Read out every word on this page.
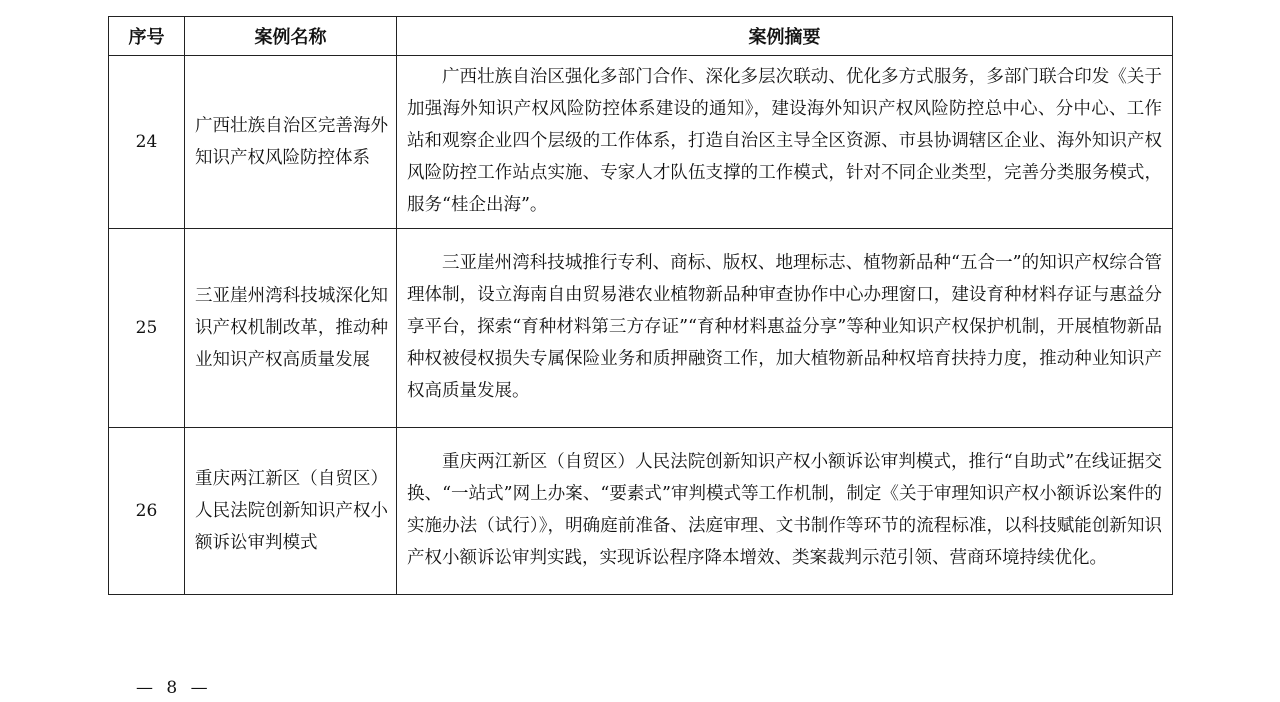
序号	案例名称	案例摘要
24	广西壮族自治区完善海外知识产权风险防控体系	广西壮族自治区强化多部门合作、深化多层次联动、优化多方式服务，多部门联合印发《关于加强海外知识产权风险防控体系建设的通知》，建设海外知识产权风险防控总中心、分中心、工作站和观察企业四个层级的工作体系，打造自治区主导全区资源、市县协调辖区企业、海外知识产权风险防控工作站点实施、专家人才队伍支撑的工作模式，针对不同企业类型，完善分类服务模式，服务“桂企出海”。
25	三亚崖州湾科技城深化知识产权机制改革，推动种业知识产权高质量发展	三亚崖州湾科技城推行专利、商标、版权、地理标志、植物新品种“五合一”的知识产权综合管理体制，设立海南自由贸易港农业植物新品种审查协作中心办理窗口，建设育种材料存证与惠益分享平台，探索“育种材料第三方存证”“育种材料惠益分享”等种业知识产权保护机制，开展植物新品种权被侵权损失专属保险业务和质押融资工作，加大植物新品种权培育扶持力度，推动种业知识产权高质量发展。
26	重庆两江新区（自贸区）人民法院创新知识产权小额诉讼审判模式	重庆两江新区（自贸区）人民法院创新知识产权小额诉讼审判模式，推行“自助式”在线证据交换、“一站式”网上办案、“要素式”审判模式等工作机制，制定《关于审理知识产权小额诉讼案件的实施办法（试行）》，明确庭前准备、法庭审理、文书制作等环节的流程标准，以科技赋能创新知识产权小额诉讼审判实践，实现诉讼程序降本增效、类案裁判示范引领、营商环境持续优化。
— 8 —
